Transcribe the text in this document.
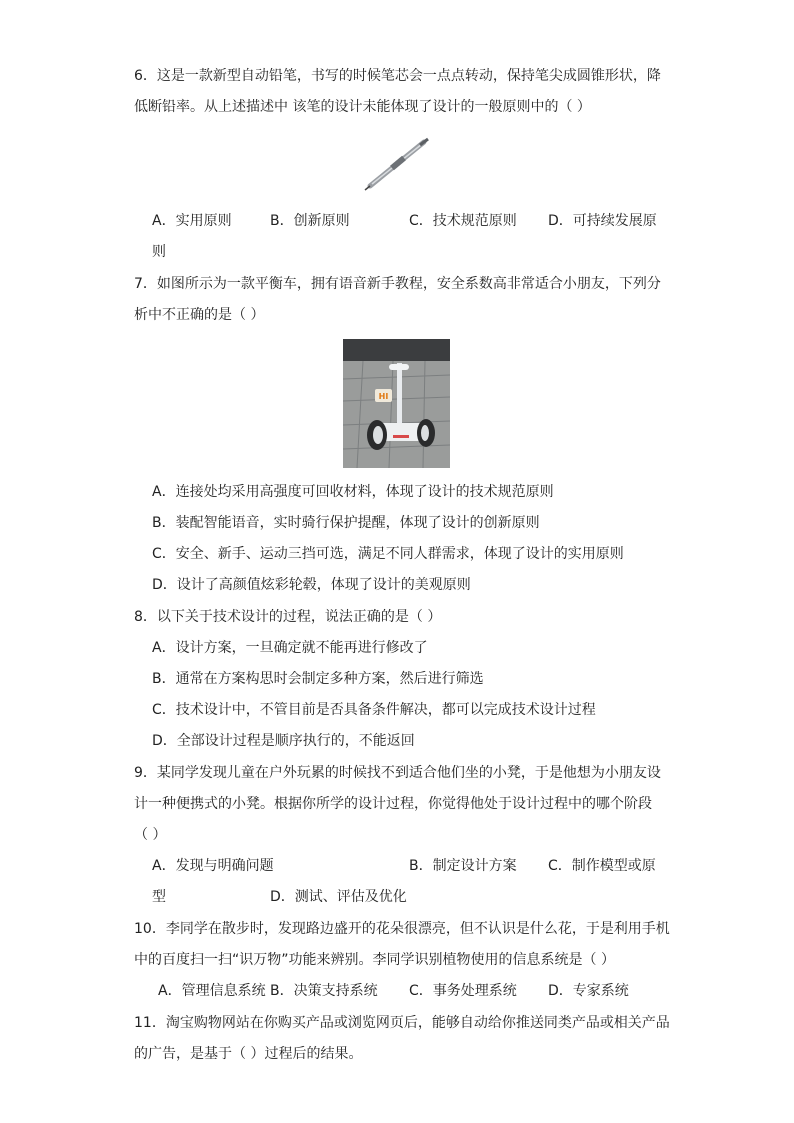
6．这是一款新型自动铅笔，书写的时候笔芯会一点点转动，保持笔尖成圆锥形状，降
低断铅率。从上述描述中 该笔的设计未能体现了设计的一般原则中的（ ）
A．实用原则	B．创新原则	C．技术规范原则 D．可持续发展原
则
7．如图所示为一款平衡车，拥有语音新手教程，安全系数高非常适合小朋友，下列分
析中不正确的是（ ）
HI
A．连接处均采用高强度可回收材料，体现了设计的技术规范原则
B．装配智能语音，实时骑行保护提醒，体现了设计的创新原则
C．安全、新手、运动三挡可选，满足不同人群需求，体现了设计的实用原则
D．设计了高颜值炫彩轮毂，体现了设计的美观原则
8．以下关于技术设计的过程，说法正确的是（ ）
A．设计方案，一旦确定就不能再进行修改了
B．通常在方案构思时会制定多种方案，然后进行筛选
C．技术设计中，不管目前是否具备条件解决，都可以完成技术设计过程
D．全部设计过程是顺序执行的，不能返回
9．某同学发现儿童在户外玩累的时候找不到适合他们坐的小凳，于是他想为小朋友设
计一种便携式的小凳。根据你所学的设计过程，你觉得他处于设计过程中的哪个阶段
（ ）
A．发现与明确问题	B．制定设计方案 C．制作模型或原
型	D．测试、评估及优化
10．李同学在散步时，发现路边盛开的花朵很漂亮，但不认识是什么花，于是利用手机
中的百度扫一扫“识万物”功能来辨别。李同学识别植物使用的信息系统是（ ）
A．管理信息系统 B．决策支持系统 C．事务处理系统 D．专家系统
11．淘宝购物网站在你购买产品或浏览网页后，能够自动给你推送同类产品或相关产品
的广告，是基于（ ）过程后的结果。
